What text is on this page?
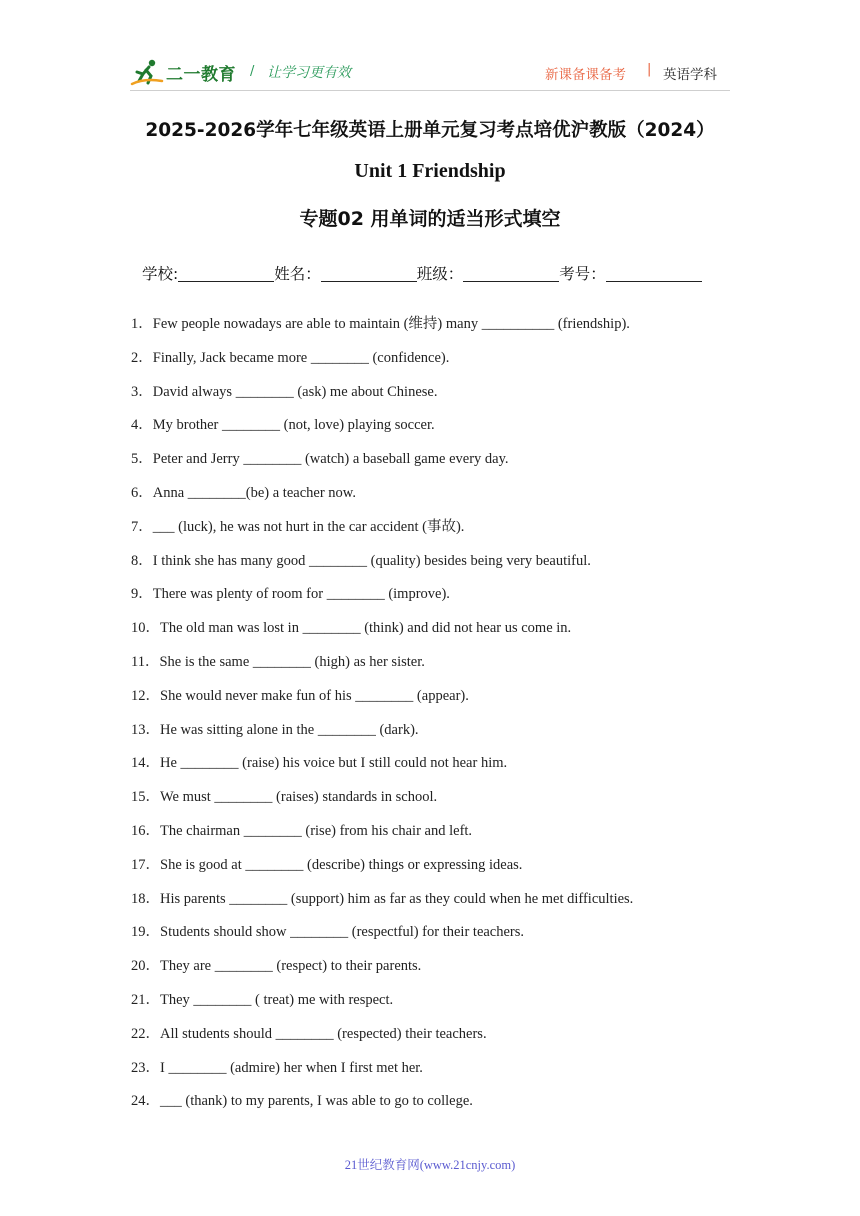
二一教育 / 让学习更有效	新课备课备考 | 英语学科
2025-2026学年七年级英语上册单元复习考点培优沪教版（2024）
Unit 1 Friendship
专题02 用单词的适当形式填空
学校:	姓名：	班级：	考号：
1．Few people nowadays are able to maintain (维持) many __________ (friendship).
2．Finally, Jack became more ________ (confidence).
3．David always ________ (ask) me about Chinese.
4．My brother ________ (not, love) playing soccer.
5．Peter and Jerry ________ (watch) a baseball game every day.
6．Anna ________(be) a teacher now.
7．___ (luck), he was not hurt in the car accident (事故).
8．I think she has many good ________ (quality) besides being very beautiful.
9．There was plenty of room for ________ (improve).
10．The old man was lost in ________ (think) and did not hear us come in.
11．She is the same ________ (high) as her sister.
12．She would never make fun of his ________ (appear).
13．He was sitting alone in the ________ (dark).
14．He ________ (raise) his voice but I still could not hear him.
15．We must ________ (raises) standards in school.
16．The chairman ________ (rise) from his chair and left.
17．She is good at ________ (describe) things or expressing ideas.
18．His parents ________ (support) him as far as they could when he met difficulties.
19．Students should show ________ (respectful) for their teachers.
20．They are ________ (respect) to their parents.
21．They ________ ( treat) me with respect.
22．All students should ________ (respected) their teachers.
23．I ________ (admire) her when I first met her.
24．___ (thank) to my parents, I was able to go to college.
21世纪教育网(www.21cnjy.com)
